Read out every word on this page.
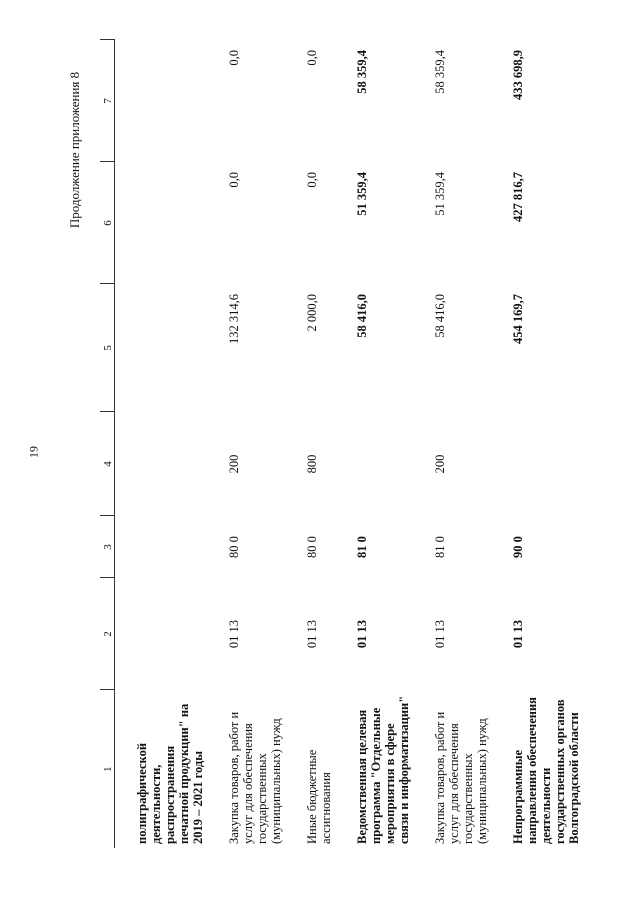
19
Продолжение приложения 8
1	2	3	4	5	6	7
полиграфической деятельности, распространения печатной продукции" на 2019 – 2021 годы						
Закупка товаров, работ и услуг для обеспечения государственных (муниципальных) нужд	01 13	80 0	200	132 314,6	0,0	0,0
Иные бюджетные ассигнования	01 13	80 0	800	2 000,0	0,0	0,0
Ведомственная целевая программа "Отдельные мероприятия в сфере связи и информатизации"	01 13	81 0		58 416,0	51 359,4	58 359,4
Закупка товаров, работ и услуг для обеспечения государственных (муниципальных) нужд	01 13	81 0	200	58 416,0	51 359,4	58 359,4
Непрограммные направления обеспечения деятельности государственных органов Волгоградской области	01 13	90 0		454 169,7	427 816,7	433 698,9
